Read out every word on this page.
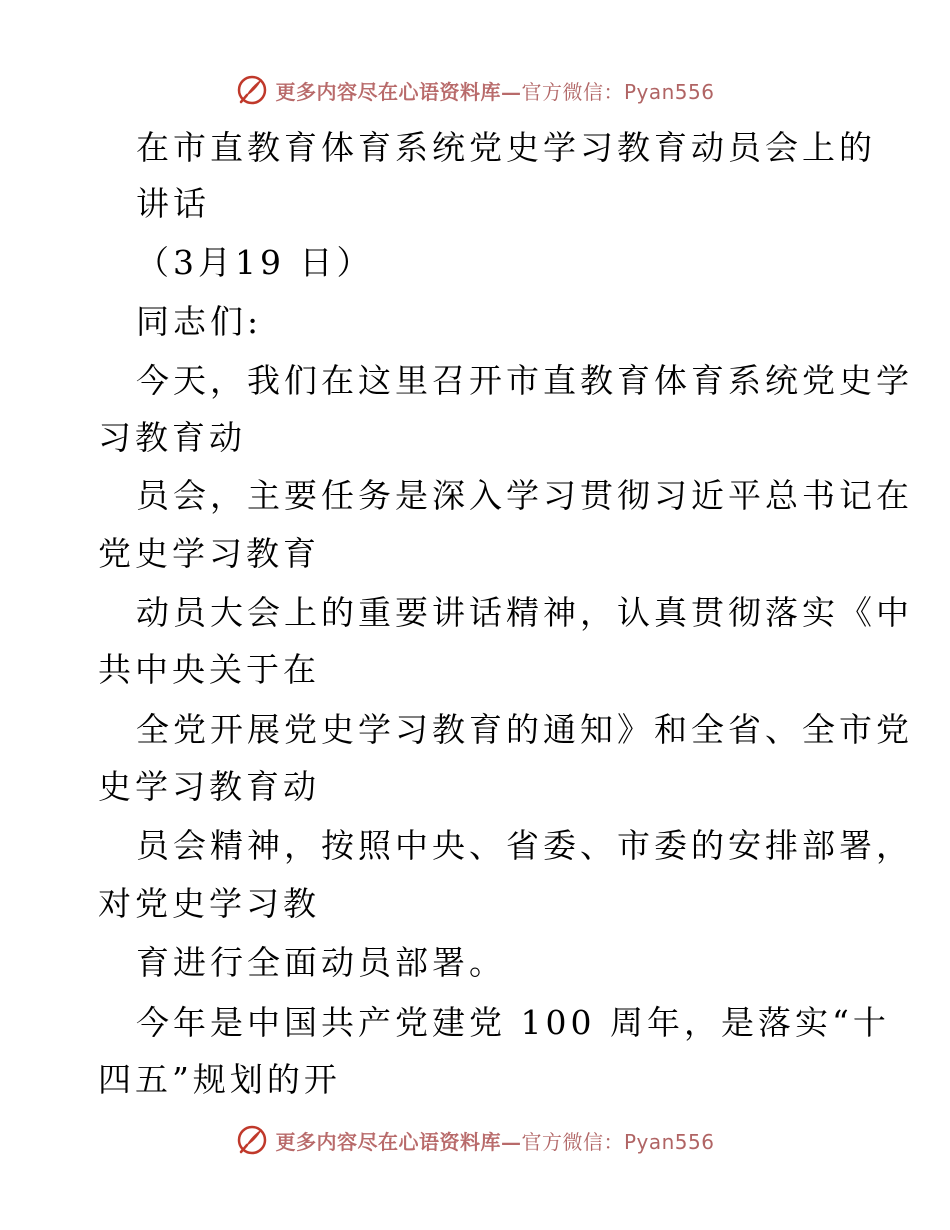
更多内容尽在心语资料库—官方微信：Pyan556
在市直教育体育系统党史学习教育动员会上的
讲话
（3月19 日）
同志们:
今天，我们在这里召开市直教育体育系统党史学
习教育动
员会，主要任务是深入学习贯彻习近平总书记在
党史学习教育
动员大会上的重要讲话精神，认真贯彻落实《中
共中央关于在
全党开展党史学习教育的通知》和全省、全市党
史学习教育动
员会精神，按照中央、省委、市委的安排部署，
对党史学习教
育进行全面动员部署。
今年是中国共产党建党 100 周年，是落实“十
四五”规划的开
更多内容尽在心语资料库—官方微信：Pyan556
